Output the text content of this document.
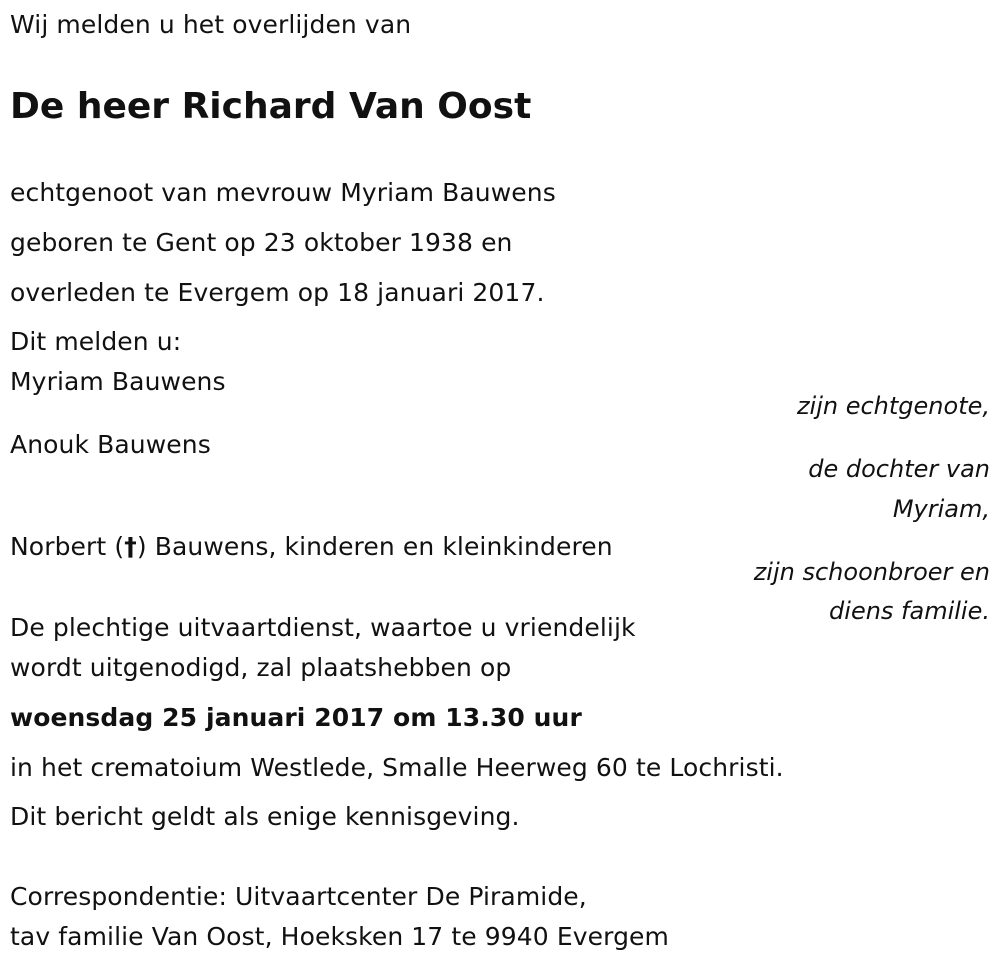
Wij melden u het overlijden van
De heer Richard Van Oost
echtgenoot van mevrouw Myriam Bauwens
geboren te Gent op 23 oktober 1938 en
overleden te Evergem op 18 januari 2017.
Dit melden u:
Myriam Bauwens
zijn echtgenote,
Anouk Bauwens
de dochter van
Myriam,
Norbert (†) Bauwens, kinderen en kleinkinderen
zijn schoonbroer en
diens familie.
De plechtige uitvaartdienst, waartoe u vriendelijk
wordt uitgenodigd, zal plaatshebben op
woensdag 25 januari 2017 om 13.30 uur
in het crematoium Westlede, Smalle Heerweg 60 te Lochristi.
Dit bericht geldt als enige kennisgeving.
Correspondentie: Uitvaartcenter De Piramide,
tav familie Van Oost, Hoeksken 17 te 9940 Evergem
